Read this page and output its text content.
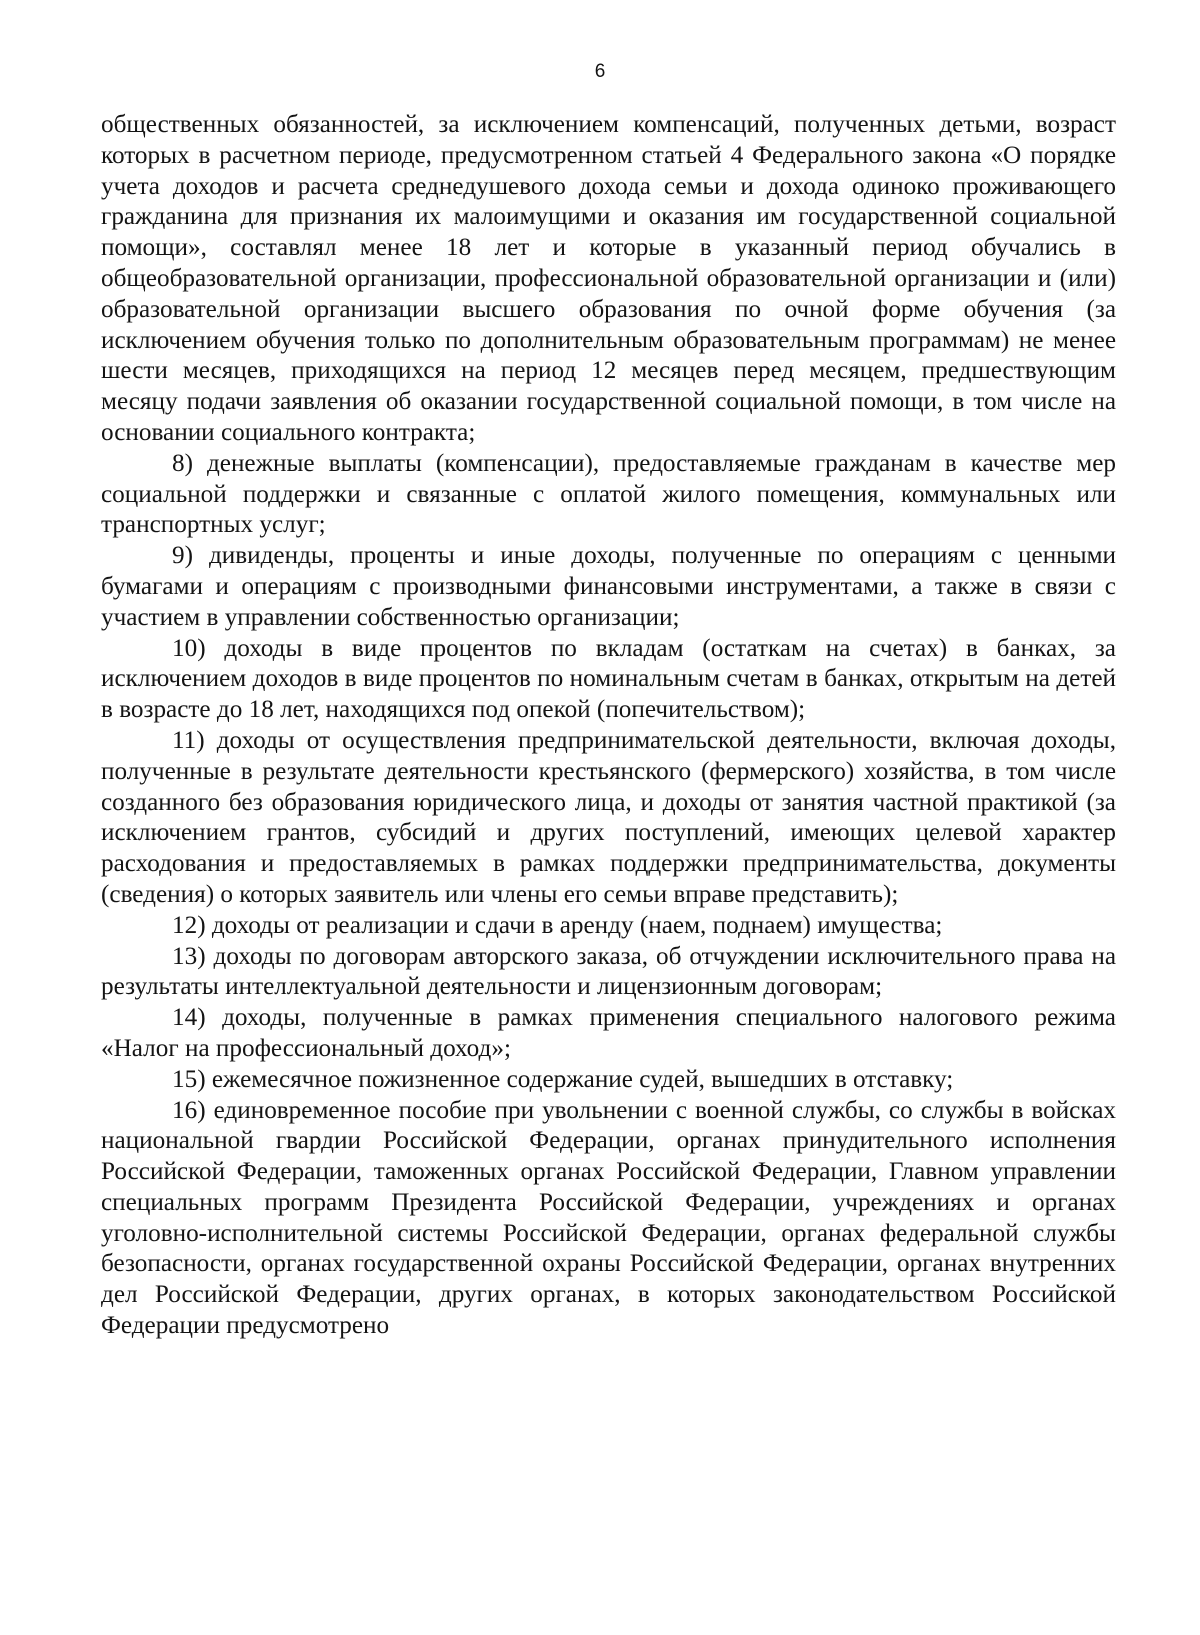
6

общественных обязанностей, за исключением компенсаций, полученных детьми, возраст которых в расчетном периоде, предусмотренном статьей 4 Федерального закона «О порядке учета доходов и расчета среднедушевого дохода семьи и дохода одиноко проживающего гражданина для признания их малоимущими и оказания им государственной социальной помощи», составлял менее 18 лет и которые в указанный период обучались в общеобразовательной организации, профессиональной образовательной организации и (или) образовательной организации высшего образования по очной форме обучения (за исключением обучения только по дополнительным образовательным программам) не менее шести месяцев, приходящихся на период 12 месяцев перед месяцем, предшествующим месяцу подачи заявления об оказании государственной социальной помощи, в том числе на основании социального контракта;

8) денежные выплаты (компенсации), предоставляемые гражданам в качестве мер социальной поддержки и связанные с оплатой жилого помещения, коммунальных или транспортных услуг;

9) дивиденды, проценты и иные доходы, полученные по операциям с ценными бумагами и операциям с производными финансовыми инструментами, а также в связи с участием в управлении собственностью организации;

10) доходы в виде процентов по вкладам (остаткам на счетах) в банках, за исключением доходов в виде процентов по номинальным счетам в банках, открытым на детей в возрасте до 18 лет, находящихся под опекой (попечительством);

11) доходы от осуществления предпринимательской деятельности, включая доходы, полученные в результате деятельности крестьянского (фермерского) хозяйства, в том числе созданного без образования юридического лица, и доходы от занятия частной практикой (за исключением грантов, субсидий и других поступлений, имеющих целевой характер расходования и предоставляемых в рамках поддержки предпринимательства, документы (сведения) о которых заявитель или члены его семьи вправе представить);

12) доходы от реализации и сдачи в аренду (наем, поднаем) имущества;

13) доходы по договорам авторского заказа, об отчуждении исключительного права на результаты интеллектуальной деятельности и лицензионным договорам;

14) доходы, полученные в рамках применения специального налогового режима «Налог на профессиональный доход»;

15) ежемесячное пожизненное содержание судей, вышедших в отставку;

16) единовременное пособие при увольнении с военной службы, со службы в войсках национальной гвардии Российской Федерации, органах принудительного исполнения Российской Федерации, таможенных органах Российской Федерации, Главном управлении специальных программ Президента Российской Федерации, учреждениях и органах уголовно-исполнительной системы Российской Федерации, органах федеральной службы безопасности, органах государственной охраны Российской Федерации, органах внутренних дел Российской Федерации, других органах, в которых законодательством Российской Федерации предусмотрено
